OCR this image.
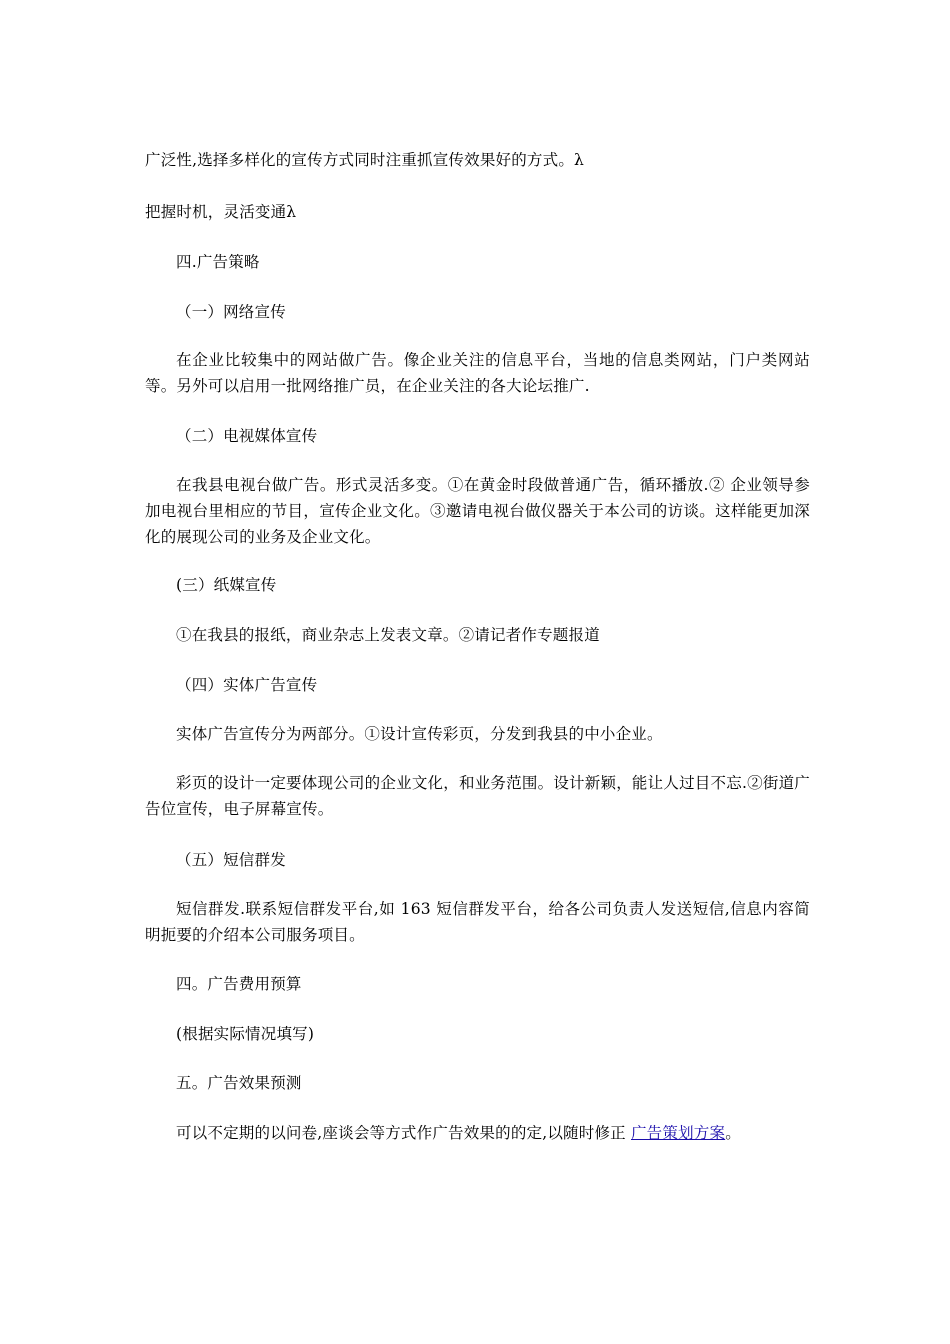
广泛性,选择多样化的宣传方式同时注重抓宣传效果好的方式。λ

把握时机，灵活变通λ

四.广告策略

（一）网络宣传

在企业比较集中的网站做广告。像企业关注的信息平台，当地的信息类网站，门户类网站等。另外可以启用一批网络推广员，在企业关注的各大论坛推广.

（二）电视媒体宣传

在我县电视台做广告。形式灵活多变。①在黄金时段做普通广告，循环播放.② 企业领导参加电视台里相应的节目，宣传企业文化。③邀请电视台做仪器关于本公司的访谈。这样能更加深化的展现公司的业务及企业文化。

(三）纸媒宣传

①在我县的报纸，商业杂志上发表文章。②请记者作专题报道

（四）实体广告宣传

实体广告宣传分为两部分。①设计宣传彩页，分发到我县的中小企业。

彩页的设计一定要体现公司的企业文化，和业务范围。设计新颖，能让人过目不忘.②街道广告位宣传，电子屏幕宣传。

（五）短信群发

短信群发.联系短信群发平台,如 163 短信群发平台，给各公司负责人发送短信,信息内容简明扼要的介绍本公司服务项目。

四。广告费用预算

(根据实际情况填写)

五。广告效果预测

可以不定期的以问卷,座谈会等方式作广告效果的的定,以随时修正 广告策划方案。
